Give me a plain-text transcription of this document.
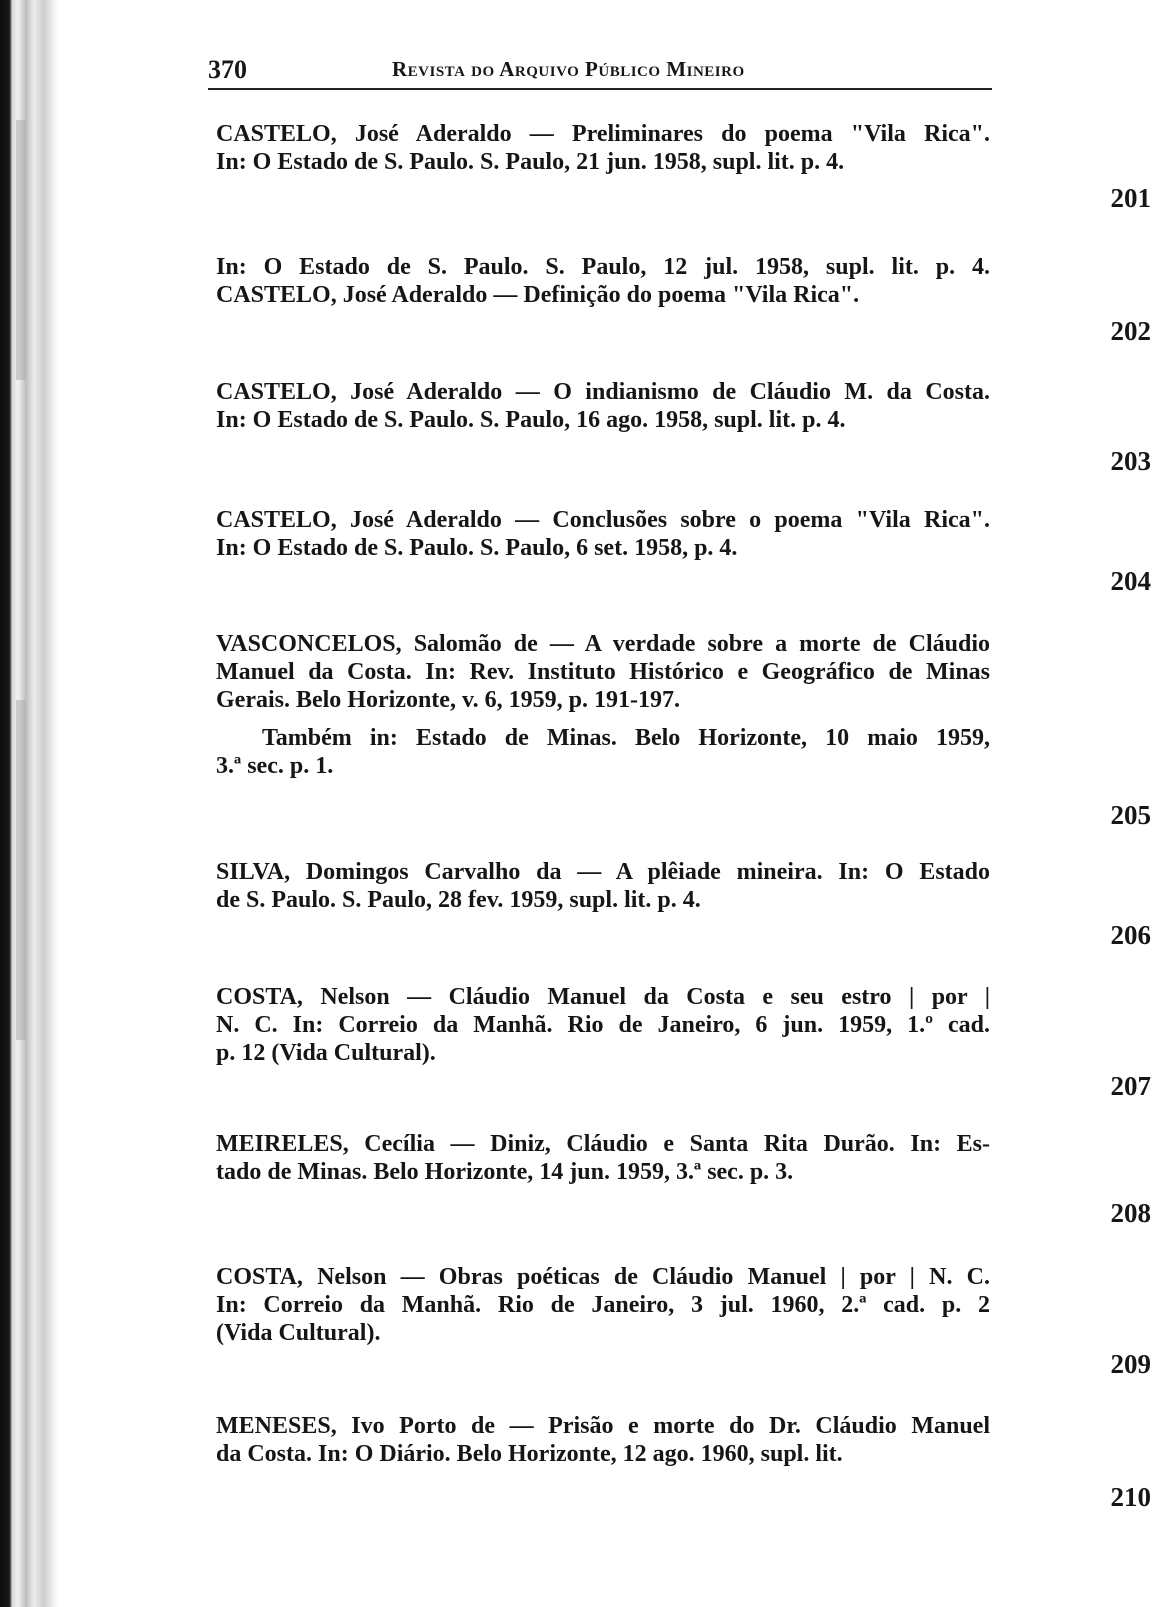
370	Revista do Arquivo Público Mineiro
CASTELO, José Aderaldo — Preliminares do poema "Vila Rica".
In: O Estado de S. Paulo. S. Paulo, 21 jun. 1958, supl. lit. p. 4.
201
In: O Estado de S. Paulo. S. Paulo, 12 jul. 1958, supl. lit. p. 4.
CASTELO, José Aderaldo — Definição do poema "Vila Rica".
202
CASTELO, José Aderaldo — O indianismo de Cláudio M. da Costa.
In: O Estado de S. Paulo. S. Paulo, 16 ago. 1958, supl. lit. p. 4.
203
CASTELO, José Aderaldo — Conclusões sobre o poema "Vila Rica".
In: O Estado de S. Paulo. S. Paulo, 6 set. 1958, p. 4.
204
VASCONCELOS, Salomão de — A verdade sobre a morte de Cláudio
Manuel da Costa. In: Rev. Instituto Histórico e Geográfico de Minas
Gerais. Belo Horizonte, v. 6, 1959, p. 191-197.
Também in: Estado de Minas. Belo Horizonte, 10 maio 1959,
3.ª sec. p. 1.
205
SILVA, Domingos Carvalho da — A plêiade mineira. In: O Estado
de S. Paulo. S. Paulo, 28 fev. 1959, supl. lit. p. 4.
206
COSTA, Nelson — Cláudio Manuel da Costa e seu estro | por |
N. C. In: Correio da Manhã. Rio de Janeiro, 6 jun. 1959, 1.º cad.
p. 12 (Vida Cultural).
207
MEIRELES, Cecília — Diniz, Cláudio e Santa Rita Durão. In: Es-
tado de Minas. Belo Horizonte, 14 jun. 1959, 3.ª sec. p. 3.
208
COSTA, Nelson — Obras poéticas de Cláudio Manuel | por | N. C.
In: Correio da Manhã. Rio de Janeiro, 3 jul. 1960, 2.ª cad. p. 2
(Vida Cultural).
209
MENESES, Ivo Porto de — Prisão e morte do Dr. Cláudio Manuel
da Costa. In: O Diário. Belo Horizonte, 12 ago. 1960, supl. lit.
210
